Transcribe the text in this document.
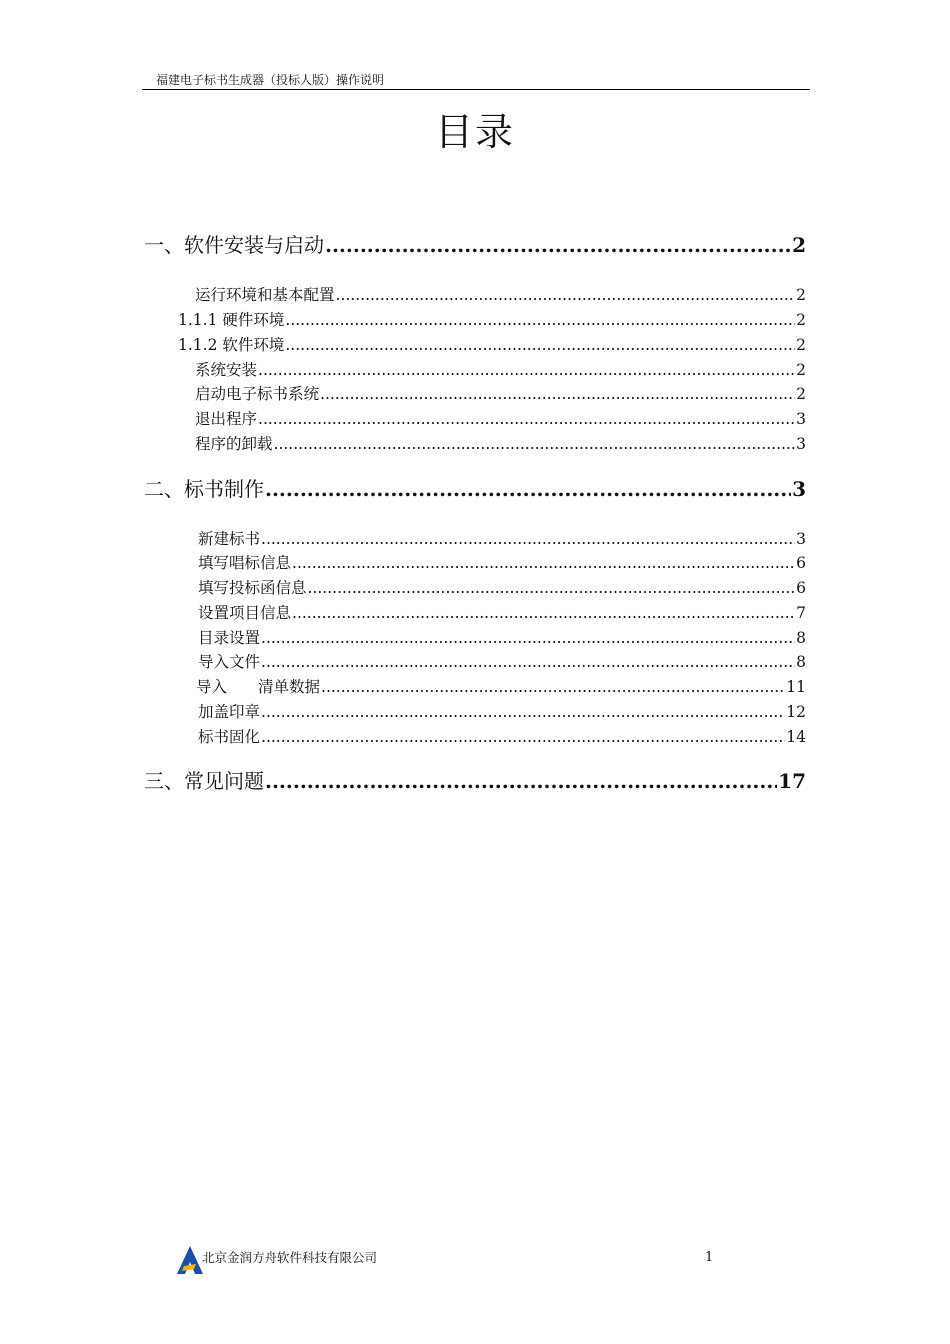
福建电子标书生成器（投标人版）操作说明
目录
一、软件安装与启动 .....	2
运行环境和基本配置 .....	2
1.1.1 硬件环境 .....	2
1.1.2 软件环境 .....	2
系统安装 .....	2
启动电子标书系统 .....	2
退出程序 .....	3
程序的卸载 .....	3
二、标书制作 .....	3
新建标书 .....	3
填写唱标信息 .....	6
填写投标函信息 .....	6
设置项目信息 .....	7
目录设置 .....	8
导入文件 .....	8
导入　　清单数据 .....	11
加盖印章 .....	12
标书固化 .....	14
三、常见问题 .....	17
北京金润方舟软件科技有限公司	1
